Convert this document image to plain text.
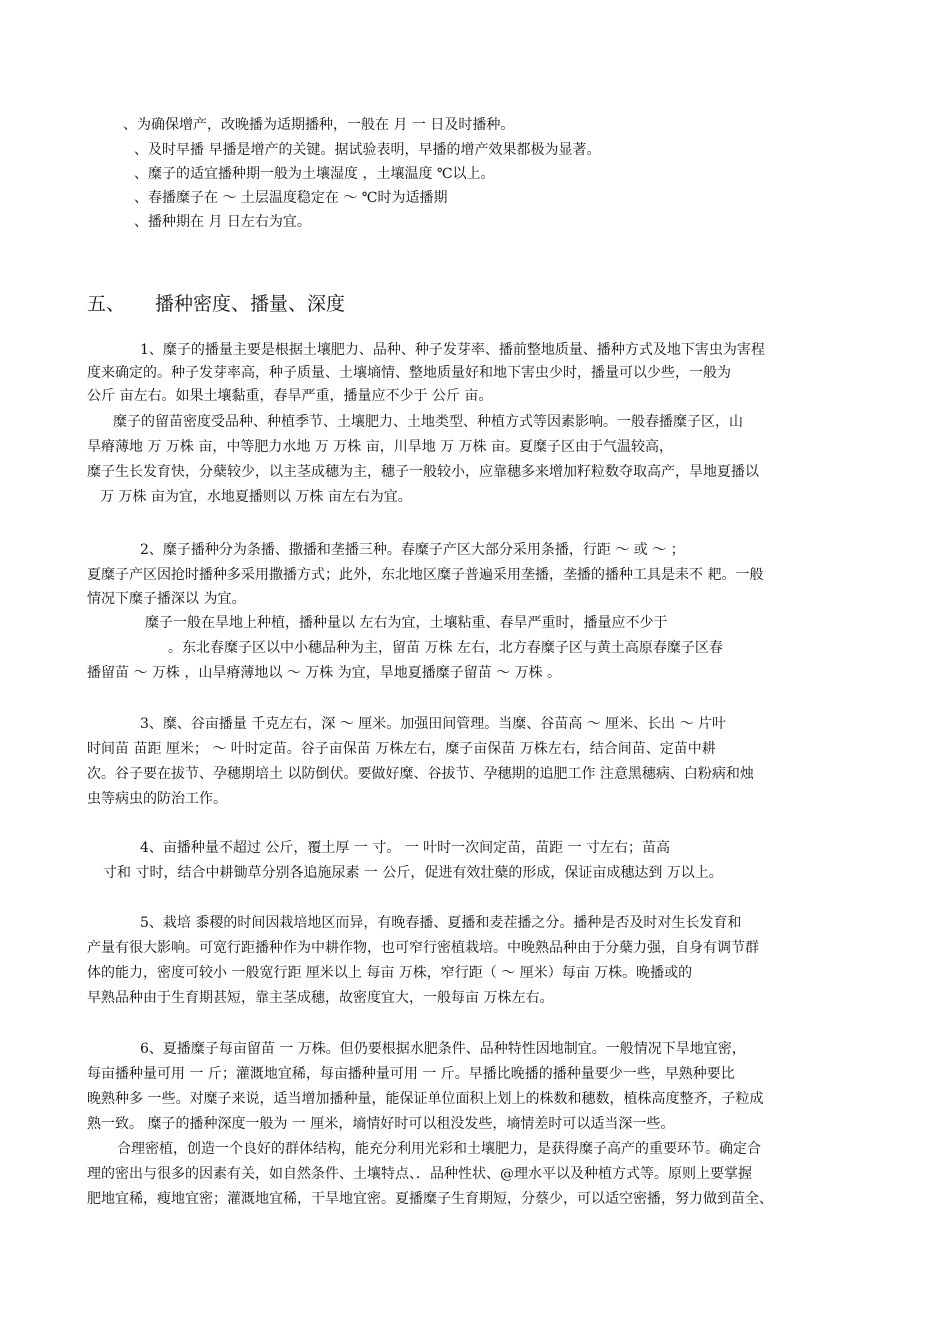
、为确保增产，改晚播为适期播种，一般在 月 一 日及时播种。
、及时早播 早播是增产的关键。据试验表明，早播的增产效果都极为显著。
、糜子的适宜播种期一般为土壤湿度 ，土壤温度 ℃以上。
、春播糜子在 ～ 土层温度稳定在 ～ ℃时为适播期
、播种期在 月 日左右为宜。
五、 播种密度、播量、深度
1、糜子的播量主要是根据土壤肥力、品种、种子发芽率、播前整地质量、播种方式及地下害虫为害程
度来确定的。种子发芽率高，种子质量、土壤墒情、整地质量好和地下害虫少时，播量可以少些，一般为
公斤 亩左右。如果土壤黏重，春旱严重，播量应不少于 公斤 亩。
糜子的留苗密度受品种、种植季节、土壤肥力、土地类型、种植方式等因素影响。一般春播糜子区，山
旱瘠薄地 万 万株 亩，中等肥力水地 万 万株 亩，川旱地 万 万株 亩。夏糜子区由于气温较高，
糜子生长发育快，分蘖较少，以主茎成穗为主，穗子一般较小，应靠穗多来增加籽粒数夺取高产，旱地夏播以
万 万株 亩为宜，水地夏播则以 万株 亩左右为宜。
2、糜子播种分为条播、撒播和垄播三种。春糜子产区大部分采用条播，行距 ～ 或 ～ ；
夏糜子产区因抢时播种多采用撒播方式；此外，东北地区糜子普遍采用垄播，垄播的播种工具是耒不 耙。一般
情况下糜子播深以 为宜。
糜子一般在旱地上种植，播种量以 左右为宜，土壤粘重、春旱严重时，播量应不少于
。东北春糜子区以中小穗品种为主，留苗 万株 左右，北方春糜子区与黄土高原春糜子区春
播留苗 ～ 万株 ，山旱瘠薄地以 ～ 万株 为宜，旱地夏播糜子留苗 ～ 万株 。
3、糜、谷亩播量 千克左右，深 ～ 厘米。加强田间管理。当糜、谷苗高 ～ 厘米、长出 ～ 片叶
时间苗 苗距 厘米； ～ 叶时定苗。谷子亩保苗 万株左右，糜子亩保苗 万株左右，结合间苗、定苗中耕
次。谷子要在拔节、孕穗期培土 以防倒伏。要做好糜、谷拔节、孕穗期的追肥工作 注意黑穗病、白粉病和烛
虫等病虫的防治工作。
4、亩播种量不超过 公斤，覆土厚 一 寸。 一 叶时一次间定苗，苗距 一 寸左右；苗高
寸和 寸时，结合中耕锄草分别各追施尿素 一 公斤，促进有效壮蘖的形成，保证亩成穗达到 万以上。
5、栽培 黍稷的时间因栽培地区而异，有晚春播、夏播和麦茬播之分。播种是否及时对生长发育和
产量有很大影响。可宽行距播种作为中耕作物，也可窄行密植栽培。中晚熟品种由于分蘖力强，自身有调节群
体的能力，密度可较小 一般宽行距 厘米以上 每亩 万株，窄行距（ ～ 厘米）每亩 万株。晚播或的
早熟品种由于生育期甚短，靠主茎成穗，故密度宜大，一般每亩 万株左右。
6、夏播糜子每亩留苗 一 万株。但仍要根据水肥条件、品种特性因地制宜。一般情况下旱地宜密，
每亩播种量可用 一 斤；灌溉地宜稀，每亩播种量可用 一 斤。早播比晚播的播种量要少一些，早熟种要比
晚熟种多 一些。对糜子来说，适当增加播种量，能保证单位面积上划上的株数和穗数，植株高度整齐，子粒成
熟一致。 糜子的播种深度一般为 一 厘米，墒情好时可以租没发些，墒情差时可以适当深一些。
合理密植，创造一个良好的群体结构，能充分利用光彩和土壤肥力，是获得糜子高产的重要环节。确定合
理的密出与很多的因素有关，如自然条件、土壤特点、．品种性状、@理水平以及种植方式等。原则上要掌握
肥地宜稀，瘦地宜密；灌溉地宜稀，干旱地宜密。夏播糜子生育期短，分蔡少，可以适空密播，努力做到苗全、
